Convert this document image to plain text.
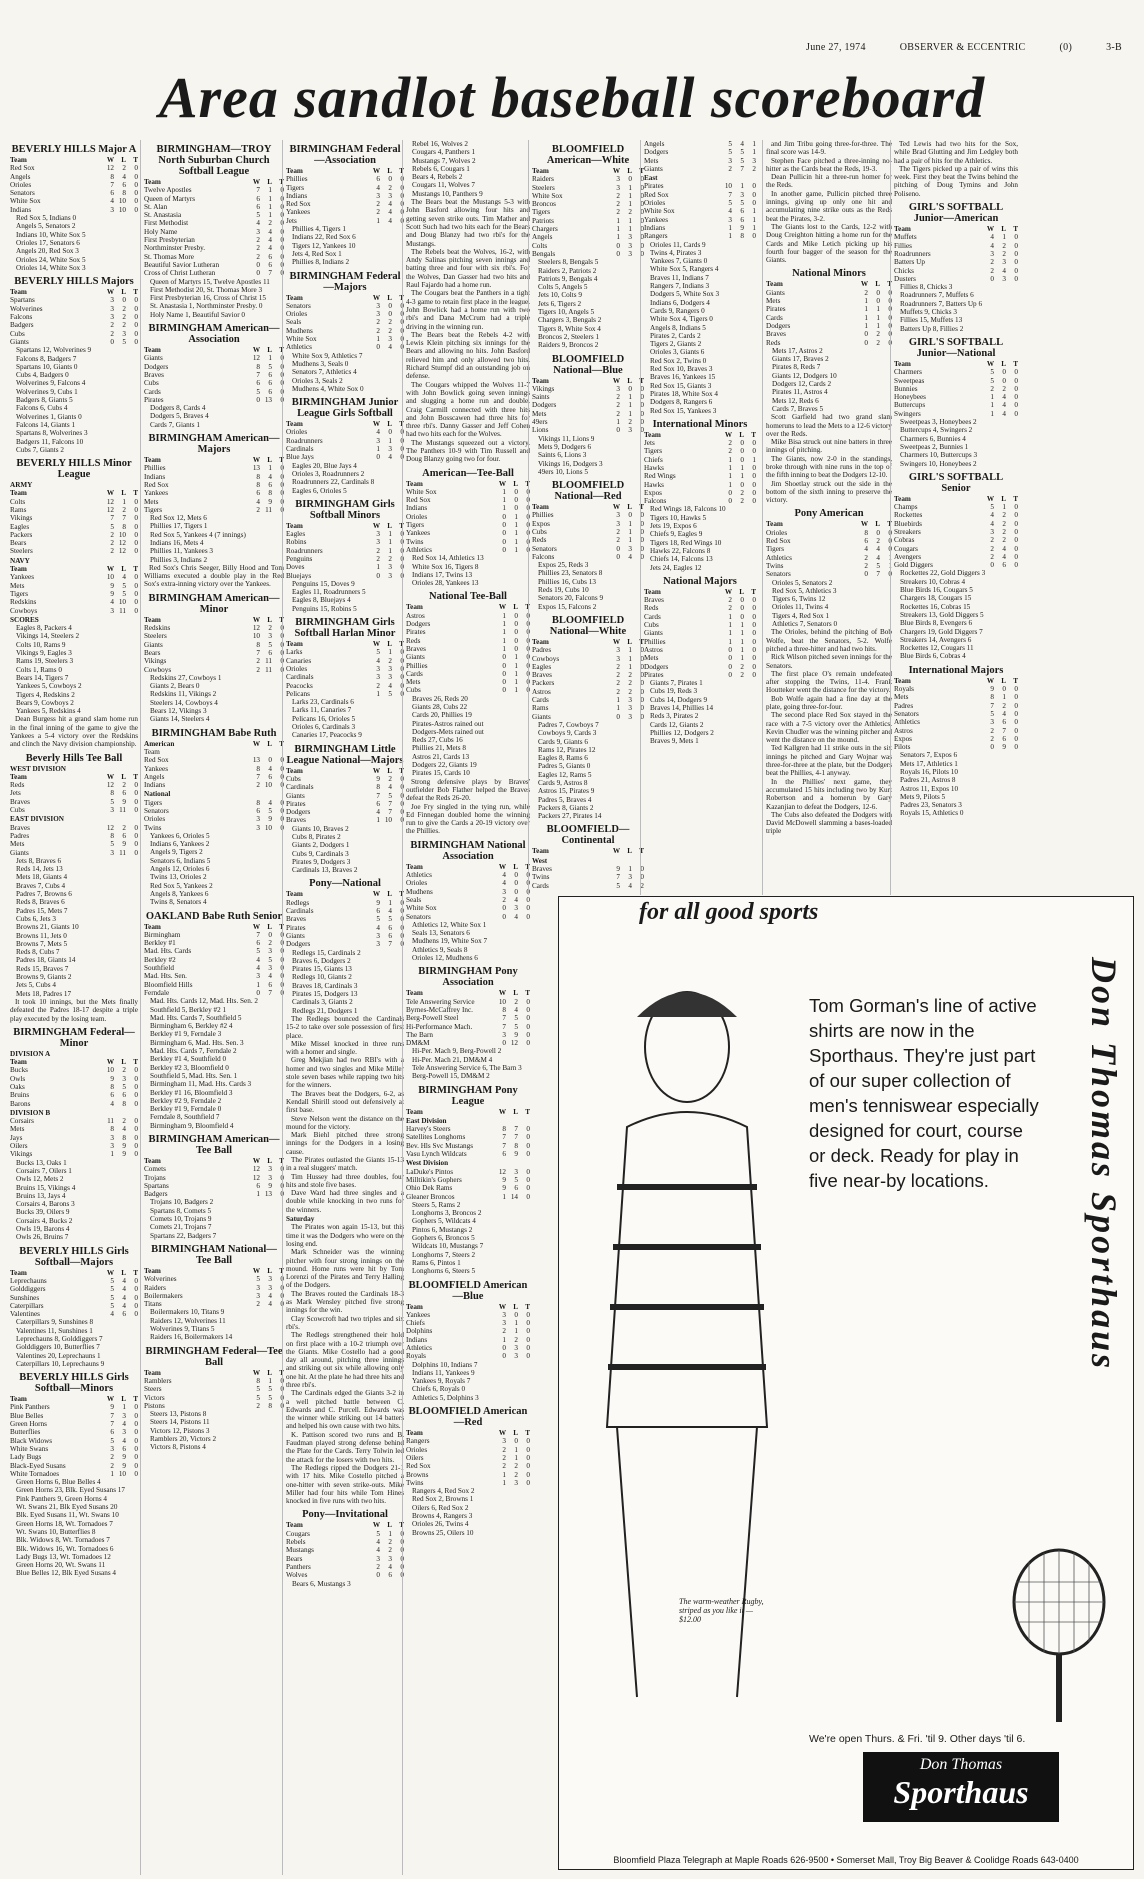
June 27, 1974	OBSERVER & ECCENTRIC	(0)	3-B
Area sandlot baseball scoreboard
BEVERLY HILLS Major A
Team	W	L	T
Red Sox	12	2	0
Angels	8	4	0
Orioles	7	6	0
Senators	6	8	0
White Sox	4 10	0
Indians	3 10	0
Red Sox 5, Indians 0
Angels 5, Senators 2
Indians 10, White Sox 5
Orioles 17, Senators 6
Angels 20, Red Sox 3
Orioles 24, White Sox 5
Orioles 14, White Sox 3
BEVERLY HILLS Majors
Team	W	L	T
Spartans	3	0	0
Wolverines	3	2	0
Falcons	3	2	0
Badgers	2	2	0
Cubs	2	3	0
Giants	0	5	0
Spartans 12, Wolverines 9
Falcons 8, Badgers 7
Spartans 10, Giants 0
Cubs 4, Badgers 0
Wolverines 9, Falcons 4
Wolverines 9, Cubs 1
Badgers 8, Giants 5
Falcons 6, Cubs 4
Wolverines 1, Giants 0
Falcons 14, Giants 1
Spartans 8, Wolverines 3
Badgers 11, Falcons 10
Cubs 7, Giants 2
BEVERLY HILLS Minor League
ARMY
Team	W	L	T
Colts	12	1	0
Rams	12	2	0
Vikings	7	7	0
Eagles	5	8	0
Packers	2 10	0
Bears	2 12	0
Steelers	2 12	0
NAVY
Team	W	L	T
Yankees	10	4	0
Mets	9	5	0
Tigers	9	5	0
Redskins	4 10	0
Cowboys	3 11	0
SCORES
Eagles 8, Packers 4
Vikings 14, Steelers 2
Colts 10, Rams 9
Vikings 9, Eagles 3
Rams 19, Steelers 3
Colts 1, Rams 0
Bears 14, Tigers 7
Yankees 5, Cowboys 2
Tigers 4, Redskins 2
Bears 9, Cowboys 2
Yankees 5, Redskins 4
Dean Burgess hit a grand slam home run in the final inning of the game to give the Yankees a 5-4 victory over the Redskins and clinch the Navy division championship.
Beverly Hills Tee Ball
WEST DIVISION
Team	W	L	T
Reds	12	2	0
Jets	8	6	0
Braves	5	9	0
Cubs	3 11	0
EAST DIVISION
Braves	12	2	0
Padres	8	6	0
Mets	5	9	0
Giants	3 11	0
Jets 8, Braves 6
Reds 14, Jets 13
Mets 18, Giants 4
Braves 7, Cubs 4
Padres 7, Browns 6
Reds 8, Braves 6
Padres 15, Mets 7
Cubs 6, Jets 3
Browns 21, Giants 10
Browns 11, Jets 0
Browns 7, Mets 5
Reds 8, Cubs 7
Padres 18, Giants 14
Reds 15, Braves 7
Browns 9, Giants 2
Jets 5, Cubs 4
Mets 18, Padres 17
It took 10 innings, but the Mets finally defeated the Padres 18-17 despite a triple play executed by the losing team.
BIRMINGHAM Federal—Minor
DIVISION A
Team	W	L	T
Bucks	10	2	0
Owls	9	3	0
Oaks	8	5	0
Bruins	6	6	0
Barons	4	8	0
DIVISION B
Corsairs	11	2	0
Mets	8	4	0
Jays	3	8	0
Oilers	3	9	0
Vikings	1	9	0
Bucks 13, Oaks 1
Corsairs 7, Oilers 1
Owls 12, Mets 2
Bruins 15, Vikings 4
Bruins 13, Jays 4
Corsairs 4, Barons 3
Bucks 39, Oilers 9
Corsairs 4, Bucks 2
Owls 19, Barons 4
Owls 26, Bruins 7
BEVERLY HILLS Girls Softball—Majors
Team	W	L	T
Leprechauns	5	4	0
Golddiggers	5	4	0
Sunshines	5	4	0
Caterpillars	5	4	0
Valentines	4	6	0
Caterpillars 9, Sunshines 8
Valentines 11, Sunshines 1
Leprechauns 8, Golddiggers 7
Golddiggers 10, Butterflies 7
Valentines 20, Leprechauns 1
Caterpillars 10, Leprechauns 9
BEVERLY HILLS Girls Softball—Minors
Team	W	L	T
Pink Panthers	9	1	0
Blue Belles	7	3	0
Green Horns	7	4	0
Butterflies	6	3	0
Black Widows	5	4	0
White Swans	3	6	0
Lady Bugs	2	9	0
Black-Eyed Susans	2	9	0
White Tornadoes	1 10	0
Green Horns 6, Blue Belles 4
Green Horns 23, Blk. Eyed Susans 17
Pink Panthers 9, Green Horns 4
Wt. Swans 21, Blk Eyed Susans 20
Blk. Eyed Susans 11, Wt. Swans 10
Green Horns 18, Wt. Tornadoes 7
Wt. Swans 10, Butterflies 8
Blk. Widows 8, Wt. Tornadoes 7
Blk. Widows 16, Wt. Tornadoes 6
Lady Bugs 13, Wt. Tornadoes 12
Green Horns 20, Wt. Swans 11
Blue Belles 12, Blk Eyed Susans 4
BIRMINGHAM—TROY North Suburban Church Softball League
Team	W	L	T
Twelve Apostles	7	1	0
Queen of Martyrs	6	1	0
St. Alan	6	1	0
St. Anastasia	5	1	0
First Methodist	4	2	0
Holy Name	3	4	0
First Presbyterian	2	4	0
Northminster Presby.	2	4	0
St. Thomas More	2	6	0
Beautiful Savior Lutheran	0	6	0
Cross of Christ Lutheran	0	7	0
Queen of Martyrs 15, Twelve Apostles 11
First Methodist 20, St. Thomas More 3
First Presbyterian 16, Cross of Christ 15
St. Anastasia 1, Northminster Presby. 0
Holy Name 1, Beautiful Savior 0
BIRMINGHAM American—Association
Team	W	L	T
Giants	12	1	0
Dodgers	8	5	0
Braves	7	6	0
Cubs	6	6	0
Cards	5	6	0
Pirates	0 13	0
Dodgers 8, Cards 4
Dodgers 5, Braves 4
Cards 7, Giants 1
BIRMINGHAM American—Majors
Team	W	L	T
Phillies	13	1	0
Indians	8	4	0
Red Sox	8	6	0
Yankees	6	8	0
Mets	4	9	0
Tigers	2 11	0
Red Sox 12, Mets 6
Phillies 17, Tigers 1
Red Sox 5, Yankees 4 (7 innings)
Indians 16, Mets 4
Phillies 11, Yankees 3
Phillies 3, Indians 2
Red Sox's Chris Seeger, Billy Hood and Tom Williams executed a double play in the Red Sox's extra-inning victory over the Yankees.
BIRMINGHAM American—Minor
Team	W	L	T
Redskins	12	2	0
Steelers	10	3	0
Giants	8	5	0
Bears	7	6	0
Vikings	2 11	0
Cowboys	2 11	0
Redskins 27, Cowboys 1
Giants 2, Bears 0
Redskins 11, Vikings 2
Steelers 14, Cowboys 4
Bears 12, Vikings 3
Giants 14, Steelers 4
BIRMINGHAM Babe Ruth
American	W	L	T
Team
Red Sox	13	0	0
Yankees	8	4	0
Angels	7	6	0
Indians	2 10	0
National
Tigers	8	4	0
Senators	6	5	0
Orioles	3	9	0
Twins	3 10	0
Yankees 6, Orioles 5
Indians 6, Yankees 2
Angels 9, Tigers 2
Senators 6, Indians 5
Angels 12, Orioles 6
Twins 13, Orioles 2
Red Sox 5, Yankees 2
Angels 8, Yankees 6
Twins 8, Senators 4
OAKLAND Babe Ruth Senior
Team	W	L	T
Birmingham	7	0	0
Berkley #1	6	2	0
Mad. Hts. Cards	5	3	0
Berkley #2	4	5	0
Southfield	4	3	0
Mad. Hts. Sen.	3	4	0
Bloomfield Hills	1	6	0
Ferndale	0	7	0
Mad. Hts. Cards 12, Mad. Hts. Sen. 2
Southfield 5, Berkley #2 1
Mad. Hts. Cards 7, Southfield 5
Birmingham 6, Berkley #2 4
Berkley #1 9, Ferndale 3
Birmingham 6, Mad. Hts. Sen. 3
Mad. Hts. Cards 7, Ferndale 2
Berkley #1 4, Southfield 0
Berkley #2 3, Bloomfield 0
Southfield 5, Mad. Hts. Sen. 1
Birmingham 11, Mad. Hts. Cards 3
Berkley #1 16, Bloomfield 3
Berkley #2 9, Ferndale 2
Berkley #1 9, Ferndale 0
Ferndale 8, Southfield 7
Birmingham 9, Bloomfield 4
BIRMINGHAM American—Tee Ball
Team	W	L	T
Comets	12	3	0
Trojans	12	3	0
Spartans	6	9	0
Badgers	1 13	0
Trojans 10, Badgers 2
Spartans 8, Comets 5
Comets 10, Trojans 9
Comets 21, Trojans 7
Spartans 22, Badgers 7
BIRMINGHAM National—Tee Ball
Team	W	L	T
Wolverines	5	3	0
Raiders	3	3	0
Boilermakers	3	4	0
Titans	2	4	0
Boilermakers 10, Titans 9
Raiders 12, Wolverines 11
Wolverines 9, Titans 5
Raiders 16, Boilermakers 14
BIRMINGHAM Federal—Tee Ball
Team	W	L	T
Ramblers	8	1	0
Steers	5	5	0
Victors	5	5	0
Pistons	2	8	0
Steers 13, Pistons 8
Steers 14, Pistons 11
Victors 12, Pistons 3
Ramblers 20, Victors 2
Victors 8, Pistons 4
BIRMINGHAM Federal—Association
Team	W	L	T
Phillies	6	0	0
Tigers	4	2	0
Indians	3	3	0
Red Sox	2	4	0
Yankees	2	4	0
Jets	1	4	0
Phillies 4, Tigers 1
Indians 22, Red Sox 6
Tigers 12, Yankees 10
Jets 4, Red Sox 1
Phillies 8, Indians 2
BIRMINGHAM Federal—Majors
Team	W	L	T
Senators	3	0	0
Orioles	3	0	0
Seals	2	2	0
Mudhens	2	2	0
White Sox	1	3	0
Athletics	0	4	0
White Sox 9, Athletics 7
Mudhens 3, Seals 0
Senators 7, Athletics 4
Orioles 3, Seals 2
Mudhens 4, White Sox 0
BIRMINGHAM Junior League Girls Softball
Team	W	L	T
Orioles	4	0	0
Roadrunners	3	1	0
Cardinals	1	3	0
Blue Jays	0	4	0
Eagles 20, Blue Jays 4
Orioles 3, Roadrunners 2
Roadrunners 22, Cardinals 8
Eagles 6, Orioles 5
BIRMINGHAM Girls Softball Minors
Team	W	L	T
Eagles	3	1	0
Robins	3	1	0
Roadrunners	2	1	0
Penguins	2	2	0
Doves	1	3	0
Bluejays	0	3	0
Penguins 15, Doves 9
Eagles 11, Roadrunners 5
Eagles 8, Bluejays 4
Penguins 15, Robins 5
BIRMINGHAM Girls Softball Harlan Minor
Team	W	L	T
Larks	5	1	0
Canaries	4	2	0
Orioles	3	3	0
Cardinals	3	3	0
Peacocks	2	4	0
Pelicans	1	5	0
Larks 23, Cardinals 6
Larks 11, Canaries 7
Pelicans 16, Orioles 5
Orioles 6, Cardinals 3
Canaries 17, Peacocks 9
BIRMINGHAM Little League National—Majors
Team	W	L	T
Cubs	9	2	0
Cardinals	8	4	0
Giants	7	5	0
Pirates	6	7	0
Dodgers	4	7	0
Braves	1 10	0
Giants 10, Braves 2
Cubs 8, Pirates 2
Giants 2, Dodgers 1
Cubs 9, Cardinals 3
Pirates 9, Dodgers 3
Cardinals 13, Braves 2
Pony—National
Team	W	L	T
Redlegs	9	1	0
Cardinals	6	4	0
Braves	5	5	0
Pirates	4	6	0
Giants	3	6	0
Dodgers	3	7	0
Redlegs 15, Cardinals 2
Braves 6, Dodgers 2
Pirates 15, Giants 13
Redlegs 10, Giants 2
Braves 18, Cardinals 3
Pirates 15, Dodgers 13
Cardinals 3, Giants 2
Redlegs 21, Dodgers 1
The Redlegs bounced the Cardinals 15-2 to take over sole possession of first place.
Mike Missel knocked in three runs with a homer and single.
Greg Mekjian had two RBI's with a homer and two singles and Mike Miller stole seven bases while rapping two hits for the winners.
The Braves beat the Dodgers, 6-2, as Kendall Shirill stood out defensively at first base.
Steve Nelson went the distance on the mound for the victory.
Mark Biehl pitched three strong innings for the Dodgers in a losing cause.
The Pirates outlasted the Giants 15-13 in a real sluggers' match.
Tim Hussey had three doubles, four hits and stole five bases.
Dave Ward had three singles and a double while knocking in two runs for the winners.
Saturday
The Pirates won again 15-13, but this time it was the Dodgers who were on the losing end.
Mark Schneider was the winning pitcher with four strong innings on the mound. Home runs were hit by Tom Lorenzi of the Pirates and Terry Halling of the Dodgers.
The Braves routed the Cardinals 18-3 as Mark Wensley pitched five strong innings for the win.
Clay Scowcroft had two triples and six rbi's.
The Redlegs strengthened their hold on first place with a 10-2 triumph over the Giants. Mike Costello had a good day all around, pitching three innings and striking out six while allowing only one hit. At the plate he had three hits and three rbi's.
The Cardinals edged the Giants 3-2 in a well pitched battle between C. Edwards and C. Purcell. Edwards was the winner while striking out 14 batters and helped his own cause with two hits.
K. Pattison scored two runs and B. Faudman played strong defense behind the Plate for the Cards. Terry Tolwin led the attack for the losers with two hits.
The Redlegs ripped the Dodgers 21-1 with 17 hits. Mike Costello pitched a one-hitter with seven strike-outs. Mike Miller had four hits while Tom Hines knocked in five runs with two hits.
Pony—Invitational
Team	W	L	T
Cougars	5	1	0
Rebels	4	2	0
Mustangs	4	2	0
Bears	3	3	0
Panthers	2	4	0
Wolves	0	6	0
Bears 6, Mustangs 3
Rebel 16, Wolves 2
Cougars 4, Panthers 1
Mustangs 7, Wolves 2
Rebels 6, Cougars 1
Bears 4, Rebels 2
Cougars 11, Wolves 7
Mustangs 10, Panthers 9
The Bears beat the Mustangs 5-3 with John Basford allowing four hits and getting seven strike outs. Tim Mather and Scott Such had two hits each for the Bears and Doug Blanzy had two rbi's for the Mustangs.
The Rebels beat the Wolves, 16-2, with Andy Salinas pitching seven innings and batting three and four with six rbi's. For the Wolves, Dan Gasser had two hits and Raul Fajardo had a home run.
The Cougars beat the Panthers in a tight 4-3 game to retain first place in the league. John Bowlick had a home run with two rbi's and Dana McCrum had a triple driving in the winning run.
The Bears beat the Rebels 4-2 with Lewis Klein pitching six innings for the Bears and allowing no hits. John Basford relieved him and only allowed two hits. Richard Stumpf did an outstanding job on defense.
The Cougars whipped the Wolves 11-7 with John Bowlick going seven innings and slugging a home run and double. Craig Carmill connected with three hits and John Bosscawen had three hits for three rbi's. Danny Gasser and Jeff Cohen had two hits each for the Wolves.
The Mustangs squeezed out a victory. The Panthers 10-9 with Tim Russell and Doug Blanzy going two for four.
American—Tee-Ball
Team	W	L	T
White Sox	1	0	0
Red Sox	1	0	0
Indians	1	0	0
Orioles	0	1	0
Tigers	0	1	0
Yankees	0	1	0
Twins	0	1	0
Athletics	0	1	0
Red Sox 14, Athletics 13
White Sox 16, Tigers 8
Indians 17, Twins 13
Orioles 28, Yankees 13
National Tee-Ball
Team	W	L	T
Astros	1	0	0
Dodgers	1	0	0
Pirates	1	0	0
Reds	1	0	0
Braves	1	0	0
Giants	0	1	0
Phillies	0	1	0
Cards	0	1	0
Mets	0	1	0
Cubs	0	1	0
Braves 26, Reds 20
Giants 28, Cubs 22
Cards 20, Phillies 19
Pirates-Astros rained out
Dodgers-Mets rained out
Reds 27, Cubs 16
Phillies 21, Mets 8
Astros 21, Cards 13
Dodgers 22, Giants 19
Pirates 15, Cards 10
Strong defensive plays by Braves' outfielder Bob Flather helped the Braves defeat the Reds 26-20.
Joe Fry singled in the tying run, while Ed Finnegan doubled home the winning run to give the Cards a 20-19 victory over the Phillies.
BIRMINGHAM National Association
Team	W	L	T
Athletics	4	0	0
Orioles	4	0	0
Mudhens	3	0	0
Seals	2	4	0
White Sox	0	3	0
Senators	0	4	0
Athletics 12, White Sox 1
Seals 13, Senators 6
Mudhens 19, White Sox 7
Athletics 9, Seals 8
Orioles 12, Mudhens 6
BIRMINGHAM Pony Association
Team	W	L	T
Tele Answering Service	10	2	0
Byrnes-McCaffrey Inc.	8	4	0
Berg-Powell Steel	7	5	0
Hi-Performance Mach.	7	5	0
The Barn	3	9	0
DM&M	0 12	0
Hi-Per. Mach 9, Berg-Powell 2
Hi-Per. Mach 21, DM&M 4
Tele Answering Service 6, The Barn 3
Berg-Powell 15, DM&M 2
BIRMINGHAM Pony League
Team	W	L	T
East Division
Harvey's Steers	8	7	0
Satellites Longhorns	7	7	0
Bev. Hls Svc Mustangs	7	8	0
Vasu Lynch Wildcats	6	9	0
West Division
LaDuke's Pintos	12	3	0
Milltikin's Gophers	9	5	0
Ohio Dek Rams	9	6	0
Gleaner Broncos	1 14	0
Steers 5, Rams 2
Longhorns 3, Broncos 2
Gophers 5, Wildcats 4
Pintos 6, Mustangs 2
Gophers 6, Broncos 5
Wildcats 10, Mustangs 7
Longhorns 7, Steers 2
Rams 6, Pintos 1
Longhorns 6, Steers 5
BLOOMFIELD American—Blue
Team	W	L	T
Yankees	3	0	0
Chiefs	3	1	0
Dolphins	2	1	0
Indians	1	2	0
Athletics	0	3	0
Royals	0	3	0
Dolphins 10, Indians 7
Indians 11, Yankees 9
Yankees 9, Royals 7
Chiefs 6, Royals 0
Athletics 5, Dolphins 3
BLOOMFIELD American—Red
Team	W	L	T
Rangers	3	0	0
Orioles	2	1	0
Oilers	2	1	0
Red Sox	2	2	0
Browns	1	2	0
Twins	1	3	0
Rangers 4, Red Sox 2
Red Sox 2, Browns 1
Oilers 6, Red Sox 2
Browns 4, Rangers 3
Orioles 26, Twins 4
Browns 25, Oilers 10
BLOOMFIELD American—White
Team	W	L	T
Raiders	3	0	0
Steelers	3	1	0
White Sox	2	1	0
Broncos	2	1	0
Tigers	2	2	0
Patriots	1	1	0
Chargers	1	1	0
Angels	1	3	0
Colts	0	3	0
Bengals	0	3	0
Steelers 8, Bengals 5
Raiders 2, Patriots 2
Patriots 9, Bengals 4
Colts 5, Angels 5
Jets 10, Colts 9
Jets 6, Tigers 2
Tigers 10, Angels 5
Chargers 3, Bengals 2
Tigers 8, White Sox 4
Broncos 2, Steelers 1
Raiders 9, Broncos 2
BLOOMFIELD National—Blue
Team	W	L	T
Vikings	3	0	0
Saints	2	1	0
Dodgers	2	1	0
Mets	2	1	0
49ers	1	2	0
Lions	0	3	0
Vikings 11, Lions 9
Mets 9, Dodgers 6
Saints 6, Lions 3
Vikings 16, Dodgers 3
49ers 10, Lions 5
BLOOMFIELD National—Red
Team	W	L	T
Phillies	3	0	0
Expos	3	1	0
Cubs	2	1	0
Reds	2	1	0
Senators	0	3	0
Falcons	0	4	0
Expos 25, Reds 3
Phillies 23, Senators 8
Phillies 16, Cubs 13
Reds 19, Cubs 10
Senators 20, Falcons 9
Expos 15, Falcons 2
BLOOMFIELD National—White
Team	W	L	T
Padres	3	1	0
Cowboys	3	1	0
Eagles	2	1	0
Braves	2	2	0
Packers	2	2	0
Astros	2	2	0
Cards	1	3	0
Rams	1	3	0
Giants	0	3	0
Padres 7, Cowboys 7
Cowboys 9, Cards 3
Cards 9, Giants 6
Rams 12, Pirates 12
Eagles 8, Rams 6
Padres 5, Giants 0
Eagles 12, Rams 5
Cards 9, Astros 8
Astros 15, Pirates 9
Padres 5, Braves 4
Packers 8, Giants 2
Packers 27, Pirates 14
BLOOMFIELD—Continental
Team	W	L	T
West
Braves	9	1	0
Twins	7	3	0
Cards	5	4	2
Angels	5	4	1
Dodgers	5	5	1
Mets	3	5	3
Giants	2	7	2
East
Pirates	10	1	0
Red Sox	7	3	0
Orioles	5	5	0
White Sox	4	6	1
Yankees	3	6	1
Indians	1	9	1
Rangers	1	8	0
Orioles 11, Cards 9
Twins 4, Pirates 3
Yankees 7, Giants 0
White Sox 5, Rangers 4
Braves 11, Indians 7
Rangers 7, Indians 3
Dodgers 5, White Sox 3
Indians 6, Dodgers 4
Cards 9, Rangers 0
White Sox 4, Tigers 0
Angels 8, Indians 5
Pirates 2, Cards 2
Tigers 2, Giants 2
Orioles 3, Giants 6
Red Sox 2, Twins 0
Red Sox 10, Braves 3
Braves 16, Yankees 15
Red Sox 15, Giants 3
Pirates 18, White Sox 4
Dodgers 8, Rangers 6
Red Sox 15, Yankees 3
International Minors
Team	W	L	T
Jets	2	0	0
Tigers	2	0	0
Chiefs	1	0	1
Hawks	1	1	0
Red Wings	1	1	0
Hawks	1	0	0
Expos	0	2	0
Falcons	0	2	0
Red Wings 18, Falcons 10
Tigers 10, Hawks 5
Jets 19, Expos 6
Chiefs 9, Eagles 9
Tigers 18, Red Wings 10
Hawks 22, Falcons 8
Chiefs 14, Falcons 13
Jets 24, Eagles 12
National Majors
Team	W	L	T
Braves	2	0	0
Reds	2	0	0
Cards	1	0	0
Cubs	1	1	0
Giants	1	1	0
Phillies	1	1	0
Astros	0	1	0
Mets	0	1	0
Dodgers	0	2	0
Pirates	0	2	0
Giants 7, Pirates 1
Cubs 19, Reds 3
Cubs 14, Dodgers 9
Braves 14, Phillies 14
Reds 3, Pirates 2
Cards 12, Giants 2
Phillies 12, Dodgers 2
Braves 9, Mets 1
and Jim Tribu going three-for-three. The final score was 14-9.
Stephen Face pitched a three-inning no-hitter as the Cards beat the Reds, 19-3.
Dean Pullicin hit a three-run homer for the Reds.
In another game, Pullicin pitched three innings, giving up only one hit and accumulating nine strike outs as the Reds beat the Pirates, 3-2.
The Giants lost to the Cards, 12-2 with Doug Creighton hitting a home run for the Cards and Mike Letich picking up his fourth four bagger of the season for the Giants.
National Minors
Team	W	L	T
Giants	2	0	0
Mets	1	0	0
Pirates	1	1	0
Cards	1	1	0
Dodgers	1	1	0
Braves	0	2	0
Reds	0	2	0
Mets 17, Astros 2
Giants 17, Braves 2
Pirates 8, Reds 7
Giants 12, Dodgers 10
Dodgers 12, Cards 2
Pirates 11, Astros 4
Mets 12, Reds 6
Cards 7, Braves 5
Scott Garfield had two grand slam homeruns to lead the Mets to a 12-6 victory over the Reds.
Mike Bisa struck out nine batters in three innings of pitching.
The Giants, now 2-0 in the standings, broke through with nine runs in the top of the fifth inning to beat the Dodgers 12-10.
Jim Shoetlay struck out the side in the bottom of the sixth inning to preserve the victory.
Pony American
Team	W	L	T
Orioles	8	0	0
Red Sox	6	2	0
Tigers	4	4	0
Athletics	2	4	1
Twins	2	5	1
Senators	0	7	0
Orioles 5, Senators 2
Red Sox 5, Athletics 3
Tigers 6, Twins 12
Orioles 11, Twins 4
Tigers 4, Red Sox 1
Athletics 7, Senators 0
The Orioles, behind the pitching of Bob Wolfe, beat the Senators, 5-2. Wolfe pitched a three-hitter and had two hits.
Rick Wilson pitched seven innings for the Senators.
The first place O's remain undefeated after stopping the Twins, 11-4. Frank Houtteker went the distance for the victory.
Bob Wolfe again had a fine day at the plate, going three-for-four.
The second place Red Sox stayed in the race with a 7-5 victory over the Athletics. Kevin Chudler was the winning pitcher and went the distance on the mound.
Ted Kallgren had 11 strike outs in the six innings he pitched and Gary Wojnar was three-for-three at the plate, but the Dodgers beat the Phillies, 4-1 anyway.
In the Phillies' next game, they accumulated 15 hits including two by Kurt Robertson and a homerun by Gary Kazanjian to defeat the Dodgers, 12-6.
The Cubs also defeated the Dodgers with David McDowell slamming a bases-loaded triple
Ted Lewis had two hits for the Sox, while Brad Glutting and Jim Ledgley both had a pair of hits for the Athletics.
The Tigers picked up a pair of wins this week. First they beat the Twins behind the pitching of Doug Tymins and John Poliseno.
GIRL'S SOFTBALL Junior—American
Team	W	L	T
Muffets	4	1	0
Fillies	4	2	0
Roadrunners	3	2	0
Batters Up	2	3	0
Chicks	2	4	0
Dusters	0	3	0
Fillies 8, Chicks 3
Roadrunners 7, Muffets 6
Roadrunners 7, Batters Up 6
Muffets 9, Chicks 3
Fillies 15, Muffets 13
Batters Up 8, Fillies 2
GIRL'S SOFTBALL Junior—National
Team	W	L	T
Charmers	5	0	0
Sweetpeas	5	0	0
Bunnies	2	2	0
Honeybees	1	4	0
Buttercups	1	4	0
Swingers	1	4	0
Sweetpeas 3, Honeybees 2
Buttercups 4, Swingers 2
Charmers 6, Bunnies 4
Sweetpeas 2, Bunnies 1
Charmers 10, Buttercups 3
Swingers 10, Honeybees 2
GIRL'S SOFTBALL Senior
Team	W	L	T
Champs	5	1	0
Rockettes	4	2	0
Bluebirds	4	2	0
Streakers	3	2	0
Cobras	2	2	0
Cougars	2	4	0
Avengers	2	4	0
Gold Diggers	0	6	0
Rockettes 22, Gold Diggers 3
Streakers 10, Cobras 4
Blue Birds 16, Cougars 5
Chargers 18, Cougars 15
Rockettes 16, Cobras 15
Streakers 13, Gold Diggers 5
Blue Birds 8, Evengers 6
Chargers 19, Gold Diggers 7
Streakers 14, Avengers 6
Rockettes 12, Cougars 11
Blue Birds 6, Cobras 4
International Majors
Team	W	L	T
Royals	9	0	0
Mets	8	1	0
Padres	7	2	0
Senators	5	4	0
Athletics	3	6	0
Astros	2	7	0
Expos	2	6	0
Pilots	0	9	0
Senators 7, Expos 6
Mets 17, Athletics 1
Royals 16, Pilots 10
Padres 21, Astros 8
Astros 11, Expos 10
Mets 9, Pilots 5
Padres 23, Senators 3
Royals 15, Athletics 0
for all good sports
The warm-weather Rugby, striped as you like it — $12.00
Tom Gorman's line of active shirts are now in the Sporthaus. They're just part of our super collection of men's tenniswear especially designed for court, course or deck. Ready for play in five near-by locations.	Don Thomas Sporthaus
We're open Thurs. & Fri. 'til 9. Other days 'til 6.
Don Thomas
Sporthaus
Bloomfield Plaza Telegraph at Maple Roads 626-9500 • Somerset Mall, Troy Big Beaver & Coolidge Roads 643-0400
